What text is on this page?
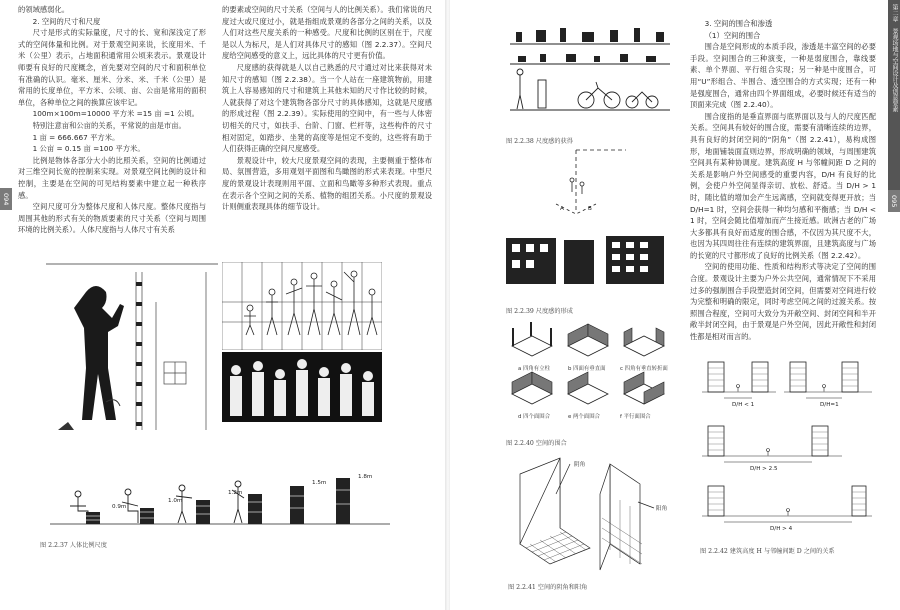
094

的领域感弱化。

2. 空间的尺寸和尺度

尺寸是形式的实际量度，尺寸的长、宽和深浅定了形式的空间体量和比例。对于景观空间来说，长度用米、千米（公里）表示，占地面积通常用公顷来表示。景观设计师要有良好的尺度概念，首先要对空间的尺寸和面积单位有准确的认识。毫米、厘米、分米、米、千米（公里）是常用的长度单位，平方米、公顷、亩、公亩是常用的面积单位，各种单位之间的换算应该牢记。

100m×100m=10000 平方米 =15 亩 =1 公顷。

特别注意亩和公亩的关系，平常说的亩是市亩。

1 亩 = 666.667 平方米。

1 公亩 = 0.15 亩 =100 平方米。

比例是物体各部分大小的比照关系，空间的比例通过对三维空间长宽的控制来实现。对景观空间比例的设计和控制，主要是在空间的可见结构要素中建立起一种秩序感。

空间尺度可分为整体尺度和人体尺度。整体尺度指与周围其他的形式有关的物质要素的尺寸关系（空间与周围环境的比例关系）。人体尺度指与人体尺寸有关系

的要素或空间的尺寸关系（空间与人的比例关系）。我们常说的尺度过大或尺度过小，就是指组成景观的各部分之间的关系，以及人们对这些尺度关系的一种感受。尺度和比例的区别在于，尺度是以人为标尺，是人们对具体尺寸的感知（图 2.2.37）。空间尺度给空间感受的意义上，远比具体的尺寸更有价值。

尺度感的获得就是人以自己熟悉的尺寸通过对比来获得对未知尺寸的感知（图 2.2.38）。当一个人站在一座建筑物前，用建筑上人容易感知的尺寸和建筑上其他未知的尺寸作比较的时候，人就获得了对这个建筑物各部分尺寸的具体感知，这就是尺度感的形成过程（图 2.2.39）。实际使用的空间中，有一些与人体密切相关的尺寸，如扶手、台阶、门窗、栏杆等，这些构件的尺寸相对固定，如踏步、坐凳的高度等是恒定不变的，这些将有助于人们获得正确的空间尺度感受。

景观设计中，较大尺度景观空间的表现，主要侧重于整体布局、氛围营造，多用观划平面图和鸟瞰图的形式来表现。中型尺度的景观设计表现则用平面、立面和鸟瞰等多种形式表现。重点在表示各个空间之间的关系、植物的组团关系。小尺度的景观设计则侧重表现具体的细节设计。

0.9m
1.0m
1.2m
1.5m
1.8m
图 2.2.37 人体比例尺度
第二章　景观场地与空间设计及创意要素
095
图 2.2.38 尺度感的获得
A	B
图 2.2.39 尺度感的形成
a 四角有立柱	b 四面有垂直面	c 四角有垂直转折面
d 四个面围合	e 两个面围合	f 平行面围合
图 2.2.40 空间的围合
阴角
阳角
图 2.2.41 空间的阴角和阳角

3. 空间的围合和渗透

（1）空间的围合

围合是空间形成的本质手段，渗透是丰富空间的必要手段。空间围合的三种演变，一种是弱度围合，靠线要素、单个界面、平行组合实现；另一种是中度围合，可用“U”形组合、半围合、透空围合的方式实现；还有一种是强度围合，通常由四个界面组成，必要时候还有适当的顶面来完成（图 2.2.40）。

围合度指的是垂直界面与底界面以及与人的尺度匹配关系。空间具有较好的围合度，需要有清晰连续的边界，具有良好的封闭空间的“阴角”（图 2.2.41），易构成图形，地面铺装面直则边界，形成明确的领域，与周围建筑空间具有某种协调度。建筑高度 H 与邻幢间距 D 之间的关系是影响户外空间感受的重要内容，D/H 有良好的比例，会使户外空间显得亲切、放松、舒适。当 D/H > 1 时，随比值的增加会产生远离感，空间就变得更开放；当 D/H=1 时，空间会获得一种均匀感和平衡感；当 D/H < 1 时，空间会随比值增加而产生接近感。欧洲古老的广场大多都具有良好而适度的围合感，不仅因为其尺度不大，也因为其四周往往有连续的建筑界面，且建筑高度与广场的长宽的尺寸都形成了良好的比例关系（图 2.2.42）。

空间的使用功能、性质和结构形式等决定了空间的围合度。景观设计主要为户外公共空间，通常情况下不采用过多的强制围合手段塑造封闭空间，但需要对空间进行较为完整和明确的限定，同时考虑空间之间的过渡关系。按照围合程度，空间可大致分为开敞空间、封闭空间和半开敞半封闭空间，由于景观是户外空间，因此开敞性和封闭性都是相对而言的。

D/H < 1	D/H=1
D/H > 2.5
D/H > 4
图 2.2.42 建筑高度 H 与邻幢间距 D 之间的关系
